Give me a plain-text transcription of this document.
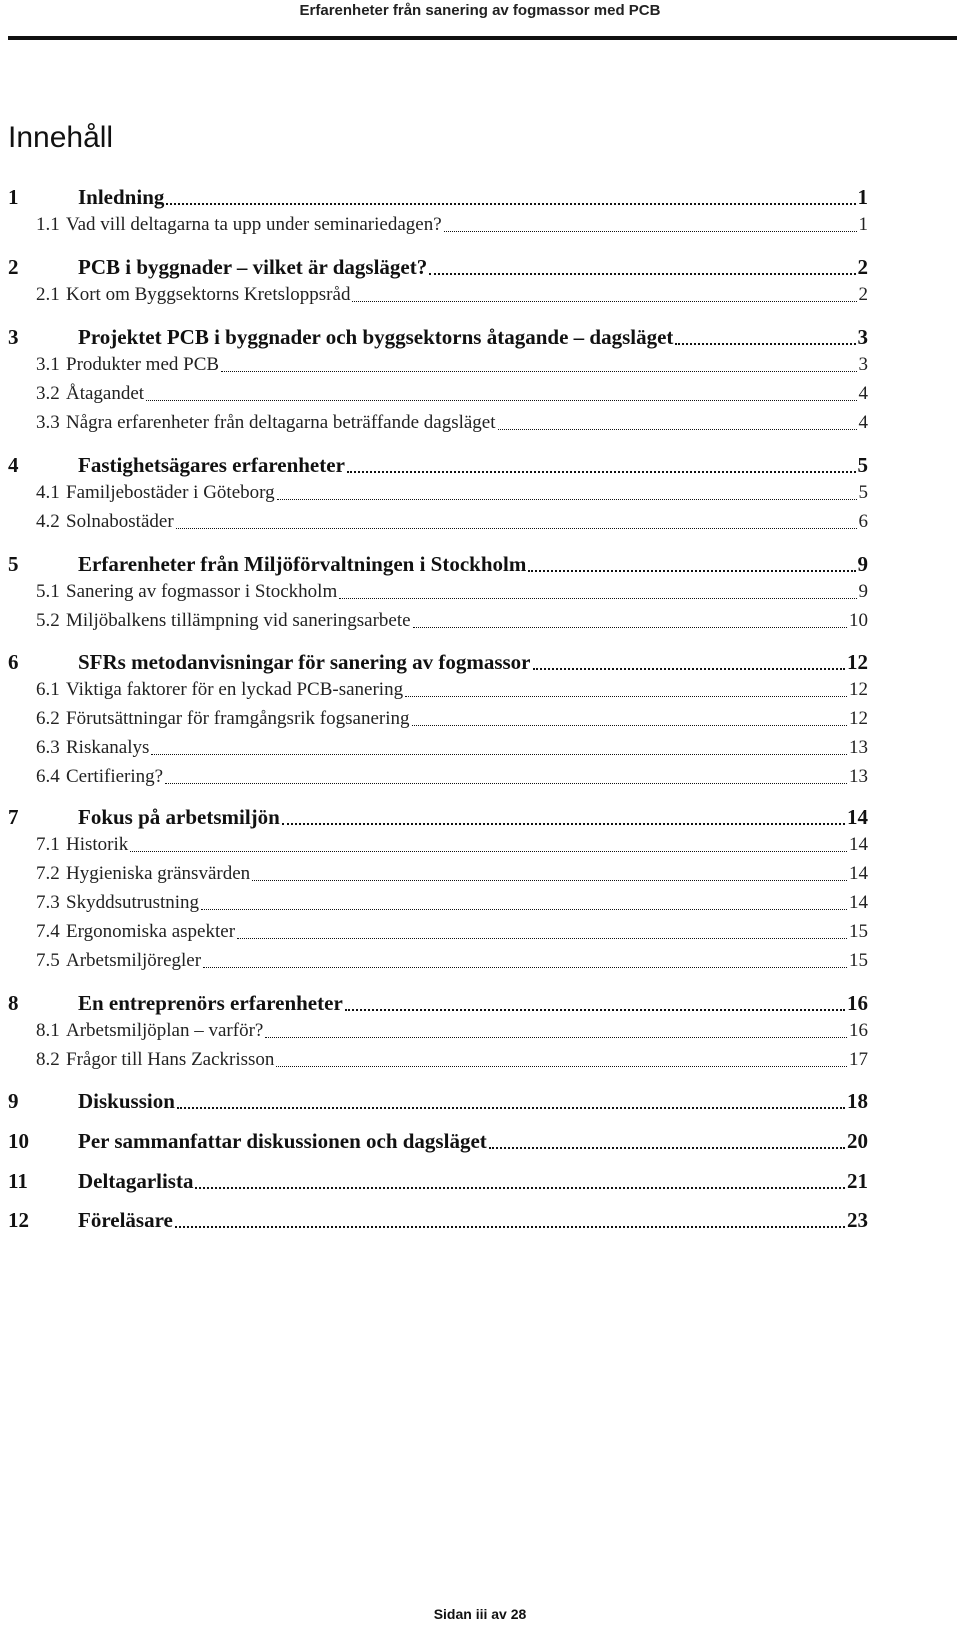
Erfarenheter från sanering av fogmassor med PCB
Innehåll
1	Inledning	1
1.1 Vad vill deltagarna ta upp under seminariedagen?	1
2	PCB i byggnader – vilket är dagsläget?	2
2.1 Kort om Byggsektorns Kretsloppsråd	2
3	Projektet PCB i byggnader och byggsektorns åtagande – dagsläget	3
3.1 Produkter med PCB	3
3.2 Åtagandet	4
3.3 Några erfarenheter från deltagarna beträffande dagsläget	4
4	Fastighetsägares erfarenheter	5
4.1 Familjebostäder i Göteborg	5
4.2 Solnabostäder	6
5	Erfarenheter från Miljöförvaltningen i Stockholm	9
5.1 Sanering av fogmassor i Stockholm	9
5.2 Miljöbalkens tillämpning vid saneringsarbete	10
6	SFRs metodanvisningar för sanering av fogmassor	12
6.1 Viktiga faktorer för en lyckad PCB-sanering	12
6.2 Förutsättningar för framgångsrik fogsanering	12
6.3 Riskanalys	13
6.4 Certifiering?	13
7	Fokus på arbetsmiljön	14
7.1 Historik	14
7.2 Hygieniska gränsvärden	14
7.3 Skyddsutrustning	14
7.4 Ergonomiska aspekter	15
7.5 Arbetsmiljöregler	15
8	En entreprenörs erfarenheter	16
8.1 Arbetsmiljöplan – varför?	16
8.2 Frågor till Hans Zackrisson	17
9	Diskussion	18
10	Per sammanfattar diskussionen och dagsläget	20
11	Deltagarlista	21
12	Föreläsare	23
Sidan iii av 28
